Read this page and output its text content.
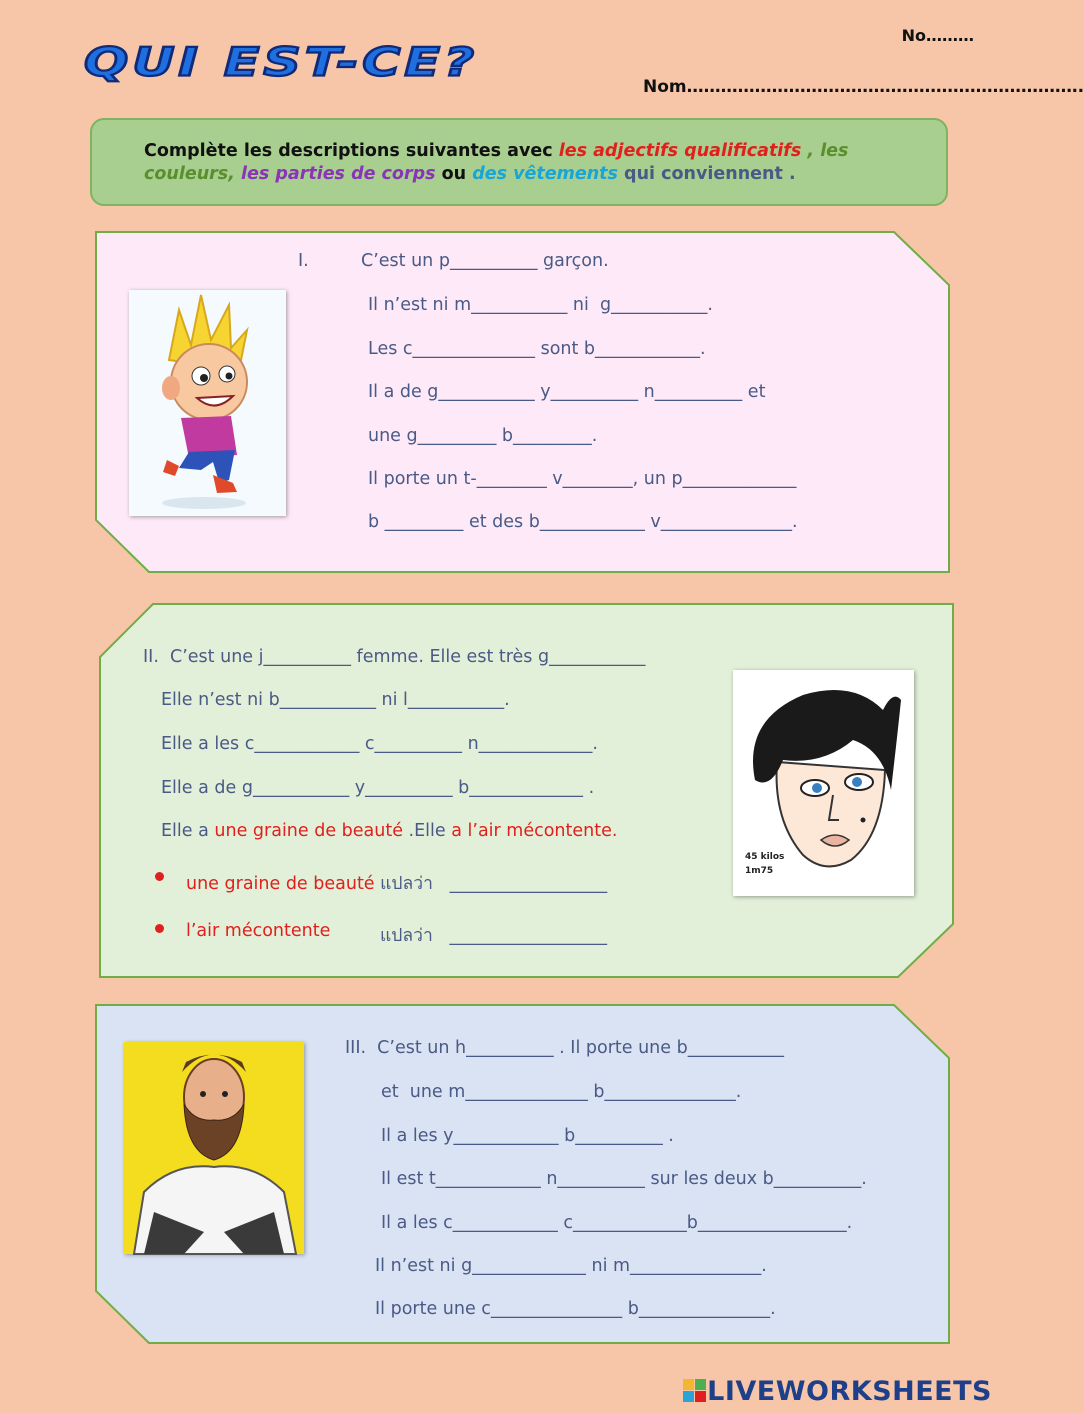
QUI EST-CE?
No………
Nom…………………………………………………………….
Complète les descriptions suivantes avec les adjectifs qualificatifs , les couleurs, les parties de corps ou des vêtements qui conviennent .
I.	C’est un p__________ garçon.
Il n’est ni m___________ ni  g___________.
Les c______________ sont b____________.
Il a de g___________ y__________ n__________ et
une g_________ b_________.
Il porte un t-________ v________, un p_____________
b _________ et des b____________ v_______________.
45 kilos
1m75
II.  C’est une j__________ femme. Elle est très g___________
Elle n’est ni b___________ ni l___________.
Elle a les c____________ c__________ n_____________.
Elle a de g___________ y__________ b_____________ .
Elle a une graine de beauté .Elle a l’air mécontente.
une graine de beauté แปลว่า   __________________
l’air mécontente	แปลว่า   __________________
III.  C’est un h__________ . Il porte une b___________
et  une m______________ b_______________.
Il a les y____________ b__________ .
Il est t____________ n__________ sur les deux b__________.
Il a les c____________ c_____________b_________________.
Il n’est ni g_____________ ni m_______________.
Il porte une c_______________ b_______________.
LIVEWORKSHEETS
